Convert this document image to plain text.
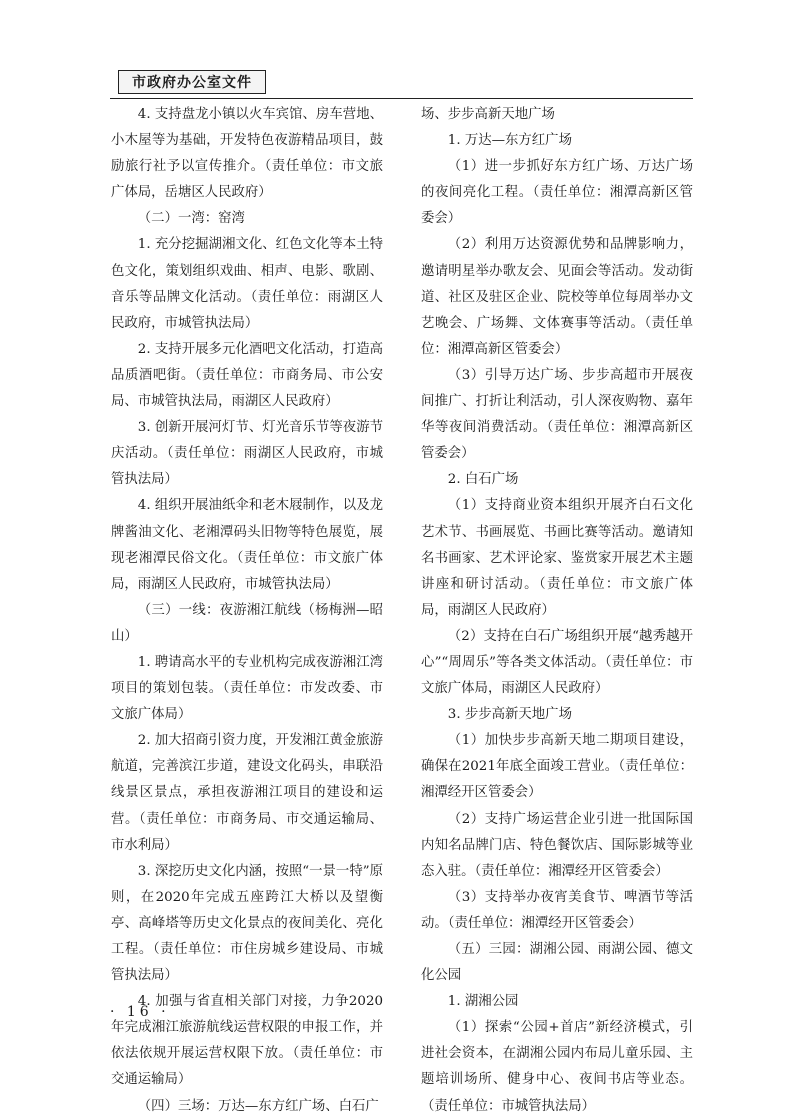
市政府办公室文件

4. 支持盘龙小镇以火车宾馆、房车营地、小木屋等为基础，开发特色夜游精品项目，鼓励旅行社予以宣传推介。（责任单位：市文旅广体局，岳塘区人民政府）

（二）一湾：窑湾

1. 充分挖掘湖湘文化、红色文化等本土特色文化，策划组织戏曲、相声、电影、歌剧、音乐等品牌文化活动。（责任单位：雨湖区人民政府，市城管执法局）

2. 支持开展多元化酒吧文化活动，打造高品质酒吧街。（责任单位：市商务局、市公安局、市城管执法局，雨湖区人民政府）

3. 创新开展河灯节、灯光音乐节等夜游节庆活动。（责任单位：雨湖区人民政府，市城管执法局）

4. 组织开展油纸伞和老木屐制作，以及龙牌酱油文化、老湘潭码头旧物等特色展览，展现老湘潭民俗文化。（责任单位：市文旅广体局，雨湖区人民政府，市城管执法局）

（三）一线：夜游湘江航线（杨梅洲—昭山）

1. 聘请高水平的专业机构完成夜游湘江湾项目的策划包装。（责任单位：市发改委、市文旅广体局）

2. 加大招商引资力度，开发湘江黄金旅游航道，完善滨江步道，建设文化码头，串联沿线景区景点，承担夜游湘江项目的建设和运营。（责任单位：市商务局、市交通运输局、市水利局）

3. 深挖历史文化内涵，按照“一景一特”原则，在2020年完成五座跨江大桥以及望衡亭、高峰塔等历史文化景点的夜间美化、亮化工程。（责任单位：市住房城乡建设局、市城管执法局）

4. 加强与省直相关部门对接，力争2020年完成湘江旅游航线运营权限的申报工作，并依法依规开展运营权限下放。（责任单位：市交通运输局）

（四）三场：万达—东方红广场、白石广

场、步步高新天地广场

1. 万达—东方红广场

（1）进一步抓好东方红广场、万达广场的夜间亮化工程。（责任单位：湘潭高新区管委会）

（2）利用万达资源优势和品牌影响力，邀请明星举办歌友会、见面会等活动。发动街道、社区及驻区企业、院校等单位每周举办文艺晚会、广场舞、文体赛事等活动。（责任单位：湘潭高新区管委会）

（3）引导万达广场、步步高超市开展夜间推广、打折让利活动，引人深夜购物、嘉年华等夜间消费活动。（责任单位：湘潭高新区管委会）

2. 白石广场

（1）支持商业资本组织开展齐白石文化艺术节、书画展览、书画比赛等活动。邀请知名书画家、艺术评论家、鉴赏家开展艺术主题讲座和研讨活动。（责任单位：市文旅广体局，雨湖区人民政府）

（2）支持在白石广场组织开展“越秀越开心”“周周乐”等各类文体活动。（责任单位：市文旅广体局，雨湖区人民政府）

3. 步步高新天地广场

（1）加快步步高新天地二期项目建设，确保在2021年底全面竣工营业。（责任单位：湘潭经开区管委会）

（2）支持广场运营企业引进一批国际国内知名品牌门店、特色餐饮店、国际影城等业态入驻。（责任单位：湘潭经开区管委会）

（3）支持举办夜宵美食节、啤酒节等活动。（责任单位：湘潭经开区管委会）

（五）三园：湖湘公园、雨湖公园、德文化公园

1. 湖湘公园

（1）探索“公园+首店”新经济模式，引进社会资本，在湖湘公园内布局儿童乐园、主题培训场所、健身中心、夜间书店等业态。（责任单位：市城管执法局）

· 16 ·
